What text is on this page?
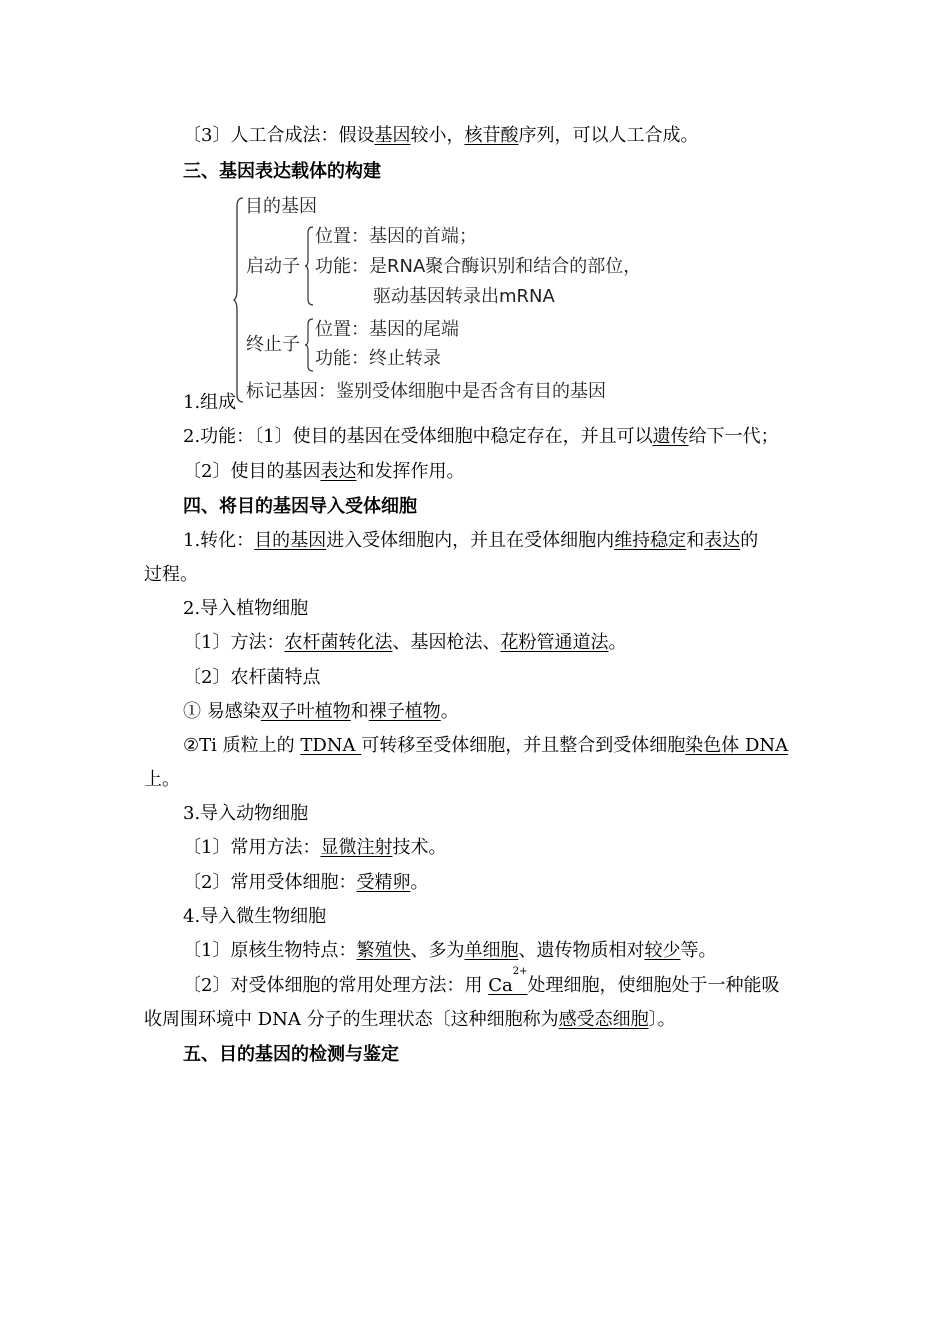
〔3〕人工合成法：假设基因较小，核苷酸序列，可以人工合成。
三、基因表达载体的构建
目的基因
启动子
位置：基因的首端；
功能：是RNA聚合酶识别和结合的部位，
驱动基因转录出mRNA
终止子
位置：基因的尾端
功能：终止转录
标记基因：鉴别受体细胞中是否含有目的基因
1.组成
2.功能：〔1〕使目的基因在受体细胞中稳定存在，并且可以遗传给下一代；
〔2〕使目的基因表达和发挥作用。
四、将目的基因导入受体细胞
1.转化：目的基因进入受体细胞内，并且在受体细胞内维持稳定和表达的
过程。
2.导入植物细胞
〔1〕方法：农杆菌转化法、基因枪法、花粉管通道法。
〔2〕农杆菌特点
① 易感染双子叶植物和裸子植物。
②Ti 质粒上的 TDNA 可转移至受体细胞，并且整合到受体细胞染色体 DNA
上。
3.导入动物细胞
〔1〕常用方法：显微注射技术。
〔2〕常用受体细胞：受精卵。
4.导入微生物细胞
〔1〕原核生物特点：繁殖快、多为单细胞、遗传物质相对较少等。
〔2〕对受体细胞的常用处理方法：用 $Ca^{2+}$处理细胞，使细胞处于一种能吸
收周围环境中 DNA 分子的生理状态〔这种细胞称为感受态细胞〕。
五、目的基因的检测与鉴定
